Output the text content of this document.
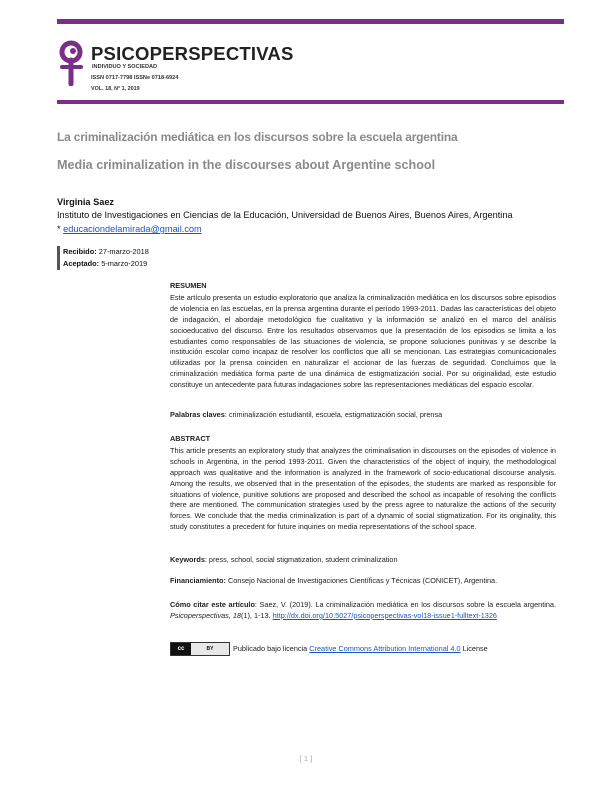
PSICOPERSPECTIVAS
INDIVIDUO Y SOCIEDAD
ISSN 0717-7798 ISSNe 0718-6924
VOL. 18, N° 1, 2019
La criminalización mediática en los discursos sobre la escuela argentina
Media criminalization in the discourses about Argentine school
Virginia Saez
Instituto de Investigaciones en Ciencias de la Educación, Universidad de Buenos Aires, Buenos Aires, Argentina
* educaciondelamirada@gmail.com
Recibido: 27-marzo-2018
Aceptado: 5-marzo-2019
RESUMEN

Este artículo presenta un estudio exploratorio que analiza la criminalización mediática en los discursos sobre episodios de violencia en las escuelas, en la prensa argentina durante el período 1993-2011. Dadas las características del objeto de indagación, el abordaje metodológico fue cualitativo y la información se analizó en el marco del análisis socioeducativo del discurso. Entre los resultados observamos que la presentación de los episodios se limita a los estudiantes como responsables de las situaciones de violencia, se propone soluciones punitivas y se describe la institución escolar como incapaz de resolver los conflictos que allí se mencionan. Las estrategias comunicacionales utilizadas por la prensa coinciden en naturalizar el accionar de las fuerzas de seguridad. Concluimos que la criminalización mediática forma parte de una dinámica de estigmatización social. Por su originalidad, este estudio constituye un antecedente para futuras indagaciones sobre las representaciones mediáticas del espacio escolar.

Palabras claves: criminalización estudiantil, escuela, estigmatización social, prensa
ABSTRACT

This article presents an exploratory study that analyzes the criminalisation in discourses on the episodes of violence in schools in Argentina, in the period 1993-2011. Given the characteristics of the object of inquiry, the methodological approach was qualitative and the information is analyzed in the framework of socio-educational discourse analysis. Among the results, we observed that in the presentation of the episodes, the students are marked as responsible for situations of violence, punitive solutions are proposed and described the school as incapable of resolving the conflicts there are mentioned. The communication strategies used by the press agree to naturalize the actions of the security forces. We conclude that the media criminalization is part of a dynamic of social stigmatization. For its originality, this study constitutes a precedent for future inquiries on media representations of the school space.

Keywords: press, school, social stigmatization, student criminalization
Financiamiento: Consejo Nacional de Investigaciones Científicas y Técnicas (CONICET), Argentina.
Cómo citar este artículo: Saez, V. (2019). La criminalización mediática en los discursos sobre la escuela argentina. Psicoperspectivas, 18(1), 1-13. http://dx.doi.org/10.5027/psicoperspectivas-vol18-issue1-fulltext-1326
cc	BY	Publicado bajo licencia Creative Commons Attribution International 4.0 License
[ 1 ]
